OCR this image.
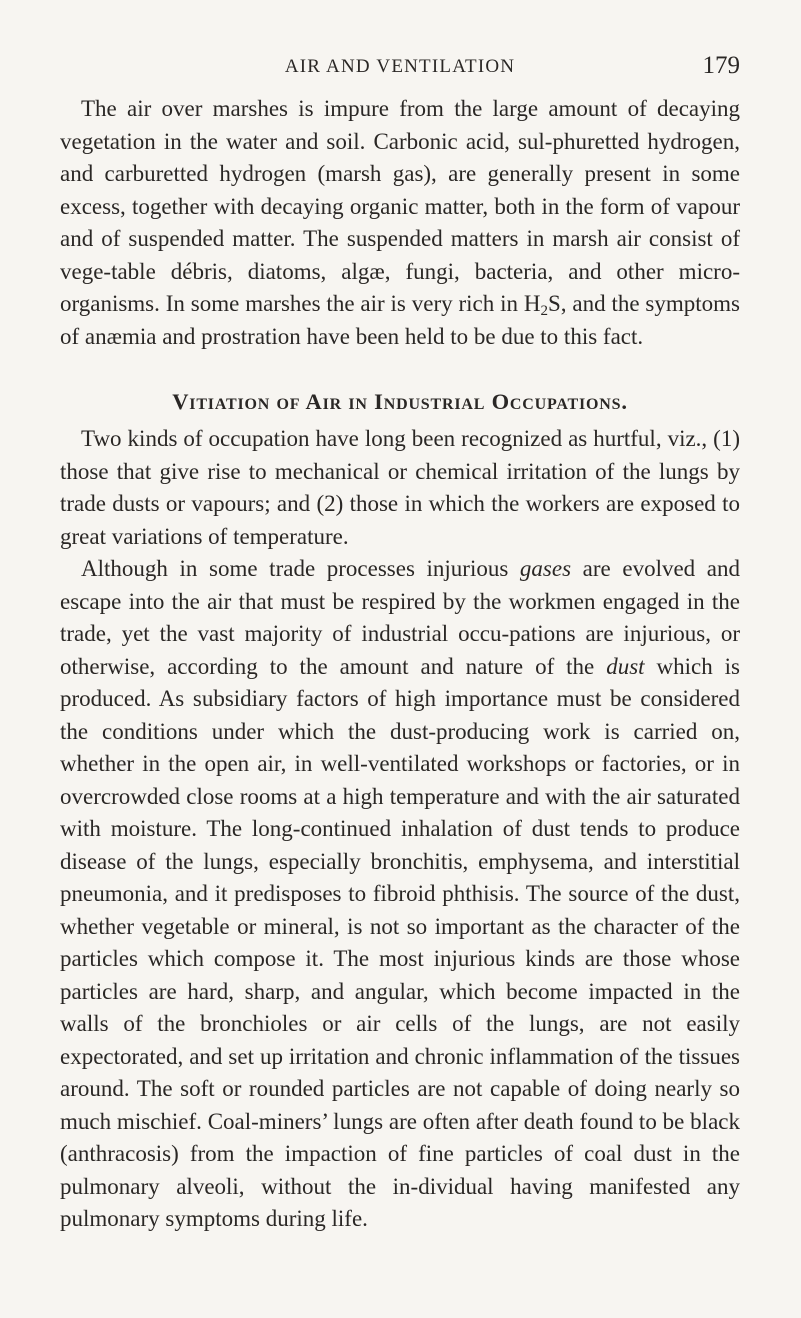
AIR AND VENTILATION	179

The air over marshes is impure from the large amount of decaying vegetation in the water and soil. Carbonic acid, sul-phuretted hydrogen, and carburetted hydrogen (marsh gas), are generally present in some excess, together with decaying organic matter, both in the form of vapour and of suspended matter. The suspended matters in marsh air consist of vege-table débris, diatoms, algæ, fungi, bacteria, and other micro-organisms. In some marshes the air is very rich in $H_2S$, and the symptoms of anæmia and prostration have been held to be due to this fact.

Vitiation of Air in Industrial Occupations.

Two kinds of occupation have long been recognized as hurtful, viz., (1) those that give rise to mechanical or chemical irritation of the lungs by trade dusts or vapours; and (2) those in which the workers are exposed to great variations of temperature.

Although in some trade processes injurious gases are evolved and escape into the air that must be respired by the workmen engaged in the trade, yet the vast majority of industrial occu-pations are injurious, or otherwise, according to the amount and nature of the dust which is produced. As subsidiary factors of high importance must be considered the conditions under which the dust-producing work is carried on, whether in the open air, in well-ventilated workshops or factories, or in overcrowded close rooms at a high temperature and with the air saturated with moisture. The long-continued inhalation of dust tends to produce disease of the lungs, especially bronchitis, emphysema, and interstitial pneumonia, and it predisposes to fibroid phthisis. The source of the dust, whether vegetable or mineral, is not so important as the character of the particles which compose it. The most injurious kinds are those whose particles are hard, sharp, and angular, which become impacted in the walls of the bronchioles or air cells of the lungs, are not easily expectorated, and set up irritation and chronic inflammation of the tissues around. The soft or rounded particles are not capable of doing nearly so much mischief. Coal-miners’ lungs are often after death found to be black (anthracosis) from the impaction of fine particles of coal dust in the pulmonary alveoli, without the in-dividual having manifested any pulmonary symptoms during life.
